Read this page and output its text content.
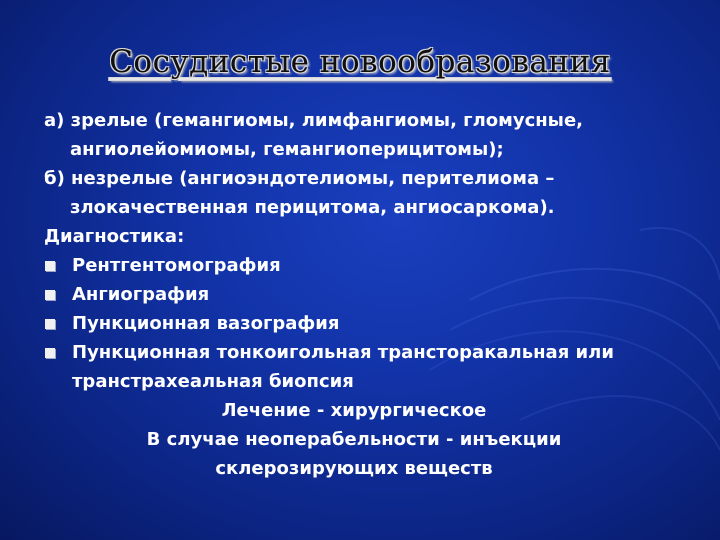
Сосудистые новообразования

а) зрелые (гемангиомы, лимфангиомы, гломусные, ангиолейомиомы, гемангиоперицитомы);

б) незрелые (ангиоэндотелиомы, перителиома – злокачественная перицитома, ангиосаркома).

Диагностика:

Рентгентомография
Ангиография
Пункционная вазография
Пункционная тонкоигольная трансторакальная или транстрахеальная биопсия

Лечение - хирургическое

В случае неоперабельности - инъекции

склерозирующих веществ
